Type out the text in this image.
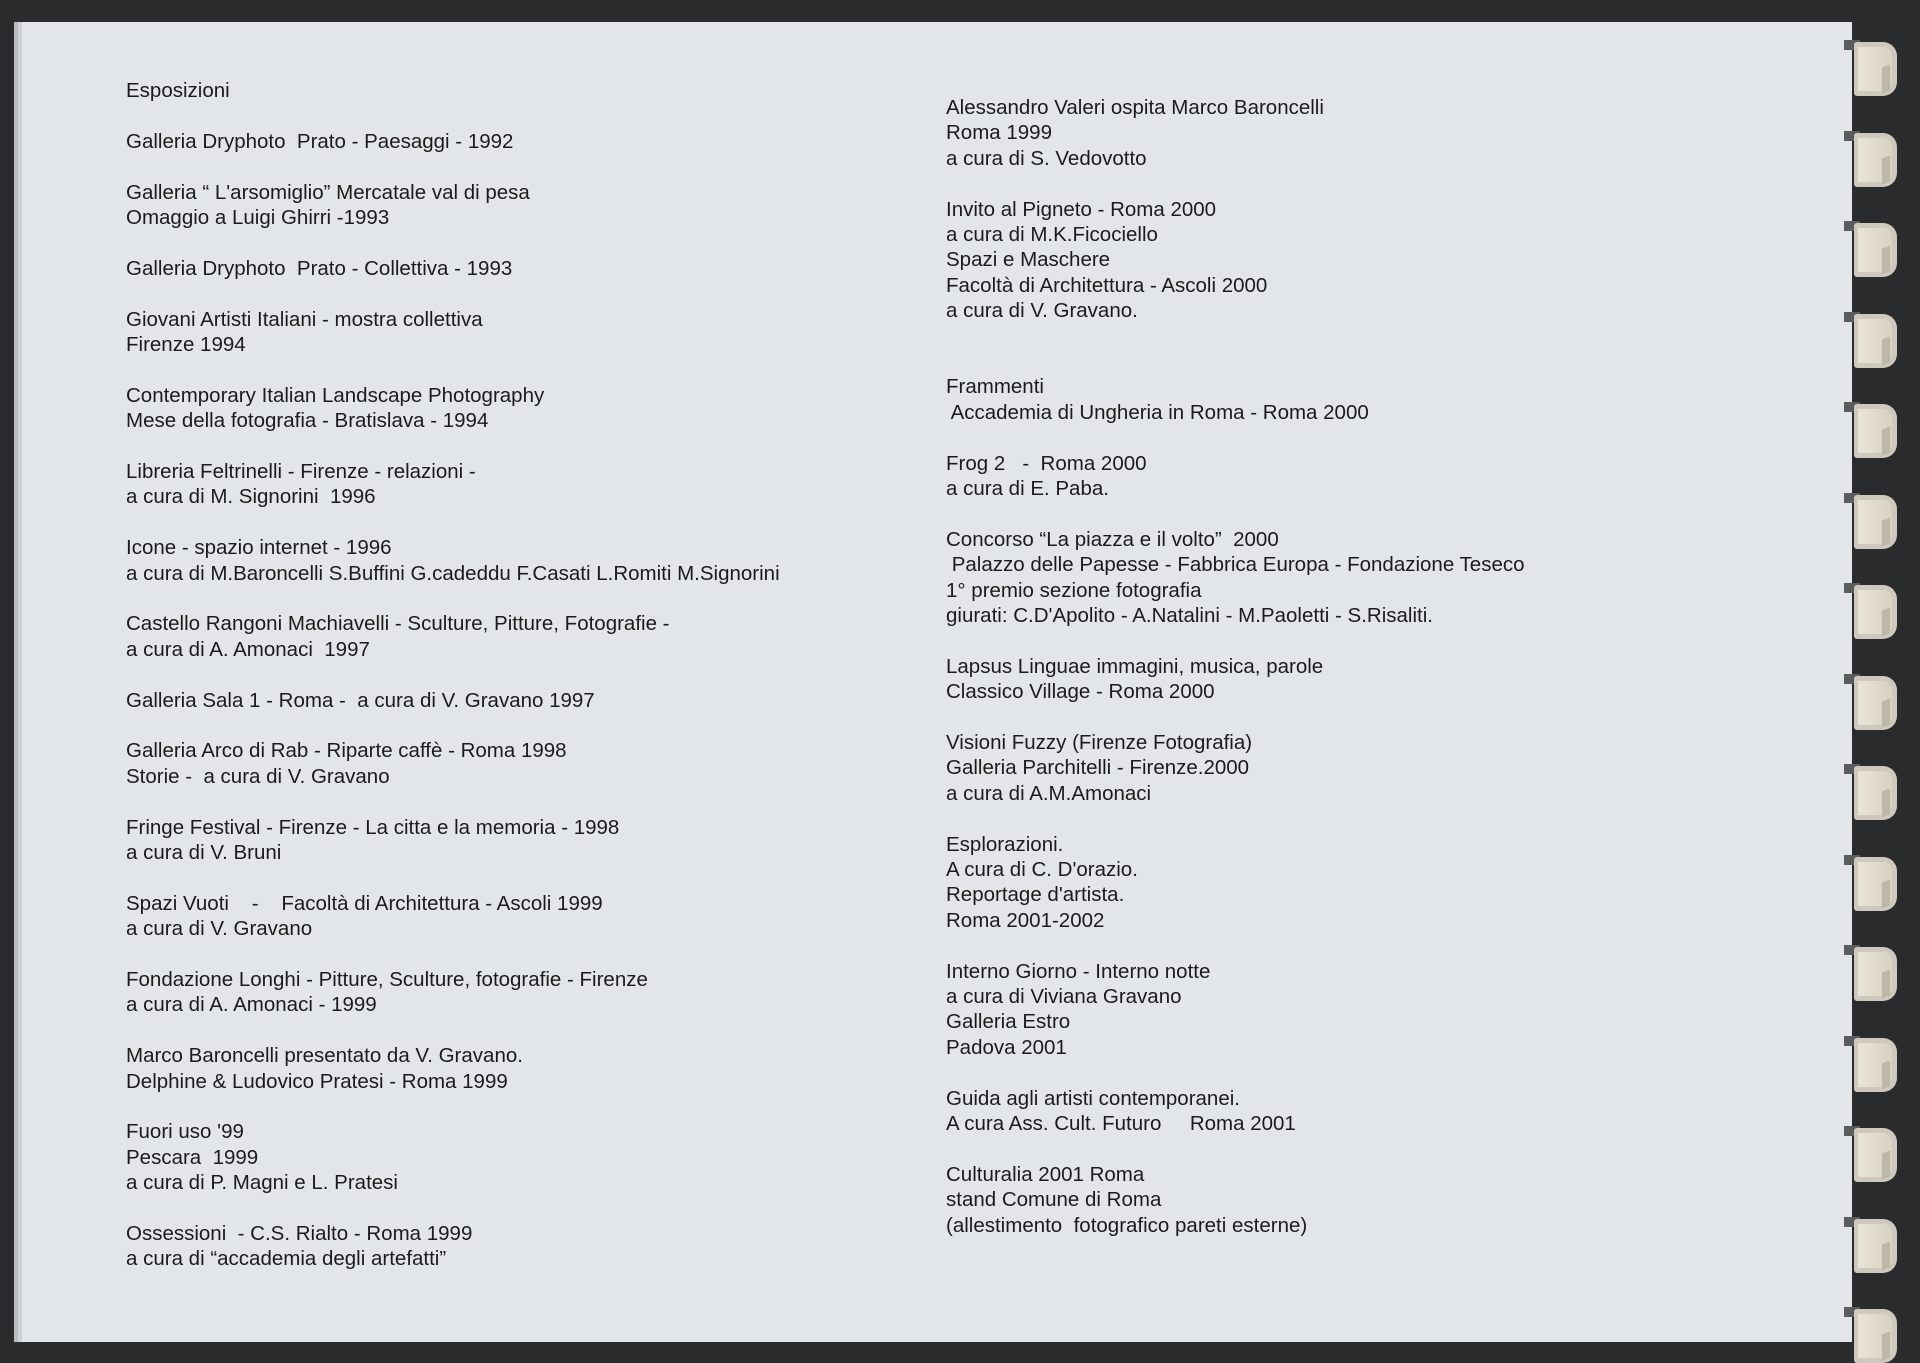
Esposizioni
Galleria Dryphoto  Prato - Paesaggi - 1992
Galleria “ L'arsomiglio” Mercatale val di pesa
Omaggio a Luigi Ghirri -1993
Galleria Dryphoto  Prato - Collettiva - 1993
Giovani Artisti Italiani - mostra collettiva
Firenze 1994
Contemporary Italian Landscape Photography
Mese della fotografia - Bratislava - 1994
Libreria Feltrinelli - Firenze - relazioni -
a cura di M. Signorini  1996
Icone - spazio internet - 1996
a cura di M.Baroncelli S.Buffini G.cadeddu F.Casati L.Romiti M.Signorini
Castello Rangoni Machiavelli - Sculture, Pitture, Fotografie -
a cura di A. Amonaci  1997
Galleria Sala 1 - Roma -  a cura di V. Gravano 1997
Galleria Arco di Rab - Riparte caffè - Roma 1998
Storie -  a cura di V. Gravano
Fringe Festival - Firenze - La citta e la memoria - 1998
a cura di V. Bruni
Spazi Vuoti    -    Facoltà di Architettura - Ascoli 1999
a cura di V. Gravano
Fondazione Longhi - Pitture, Sculture, fotografie - Firenze
a cura di A. Amonaci - 1999
Marco Baroncelli presentato da V. Gravano.
Delphine & Ludovico Pratesi - Roma 1999
Fuori uso '99
Pescara  1999
a cura di P. Magni e L. Pratesi
Ossessioni  - C.S. Rialto - Roma 1999
a cura di “accademia degli artefatti”
Alessandro Valeri ospita Marco Baroncelli
Roma 1999
a cura di S. Vedovotto
Invito al Pigneto - Roma 2000
a cura di M.K.Ficociello
Spazi e Maschere
Facoltà di Architettura - Ascoli 2000
a cura di V. Gravano.
Frammenti
Accademia di Ungheria in Roma - Roma 2000
Frog 2   -  Roma 2000
a cura di E. Paba.
Concorso “La piazza e il volto”  2000
Palazzo delle Papesse - Fabbrica Europa - Fondazione Teseco
1° premio sezione fotografia
giurati: C.D'Apolito - A.Natalini - M.Paoletti - S.Risaliti.
Lapsus Linguae immagini, musica, parole
Classico Village - Roma 2000
Visioni Fuzzy (Firenze Fotografia)
Galleria Parchitelli - Firenze.2000
a cura di A.M.Amonaci
Esplorazioni.
A cura di C. D'orazio.
Reportage d'artista.
Roma 2001-2002
Interno Giorno - Interno notte
a cura di Viviana Gravano
Galleria Estro
Padova 2001
Guida agli artisti contemporanei.
A cura Ass. Cult. Futuro     Roma 2001
Culturalia 2001 Roma
stand Comune di Roma
(allestimento  fotografico pareti esterne)
